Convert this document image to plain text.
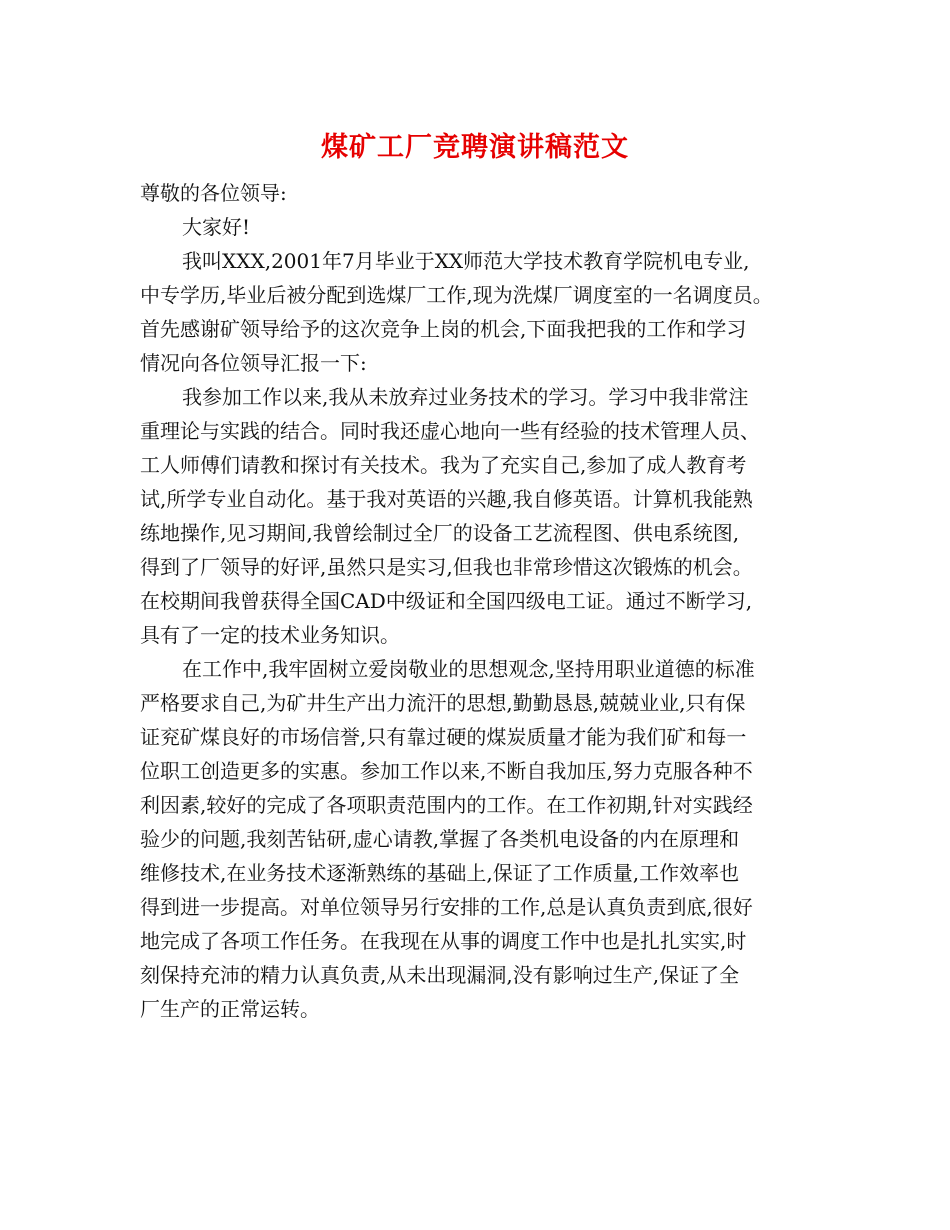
煤矿工厂竞聘演讲稿范文

尊敬的各位领导:

大家好!

我叫XXX,2001年7月毕业于XX师范大学技术教育学院机电专业,
中专学历,毕业后被分配到选煤厂工作,现为洗煤厂调度室的一名调度员。
首先感谢矿领导给予的这次竞争上岗的机会,下面我把我的工作和学习
情况向各位领导汇报一下:
我参加工作以来,我从未放弃过业务技术的学习。学习中我非常注
重理论与实践的结合。同时我还虚心地向一些有经验的技术管理人员、
工人师傅们请教和探讨有关技术。我为了充实自己,参加了成人教育考
试,所学专业自动化。基于我对英语的兴趣,我自修英语。计算机我能熟
练地操作,见习期间,我曾绘制过全厂的设备工艺流程图、供电系统图,
得到了厂领导的好评,虽然只是实习,但我也非常珍惜这次锻炼的机会。
在校期间我曾获得全国CAD中级证和全国四级电工证。通过不断学习,
具有了一定的技术业务知识。
在工作中,我牢固树立爱岗敬业的思想观念,坚持用职业道德的标准
严格要求自己,为矿井生产出力流汗的思想,勤勤恳恳,兢兢业业,只有保
证兖矿煤良好的市场信誉,只有靠过硬的煤炭质量才能为我们矿和每一
位职工创造更多的实惠。参加工作以来,不断自我加压,努力克服各种不
利因素,较好的完成了各项职责范围内的工作。在工作初期,针对实践经
验少的问题,我刻苦钻研,虚心请教,掌握了各类机电设备的内在原理和
维修技术,在业务技术逐渐熟练的基础上,保证了工作质量,工作效率也
得到进一步提高。对单位领导另行安排的工作,总是认真负责到底,很好
地完成了各项工作任务。在我现在从事的调度工作中也是扎扎实实,时
刻保持充沛的精力认真负责,从未出现漏洞,没有影响过生产,保证了全
厂生产的正常运转。
